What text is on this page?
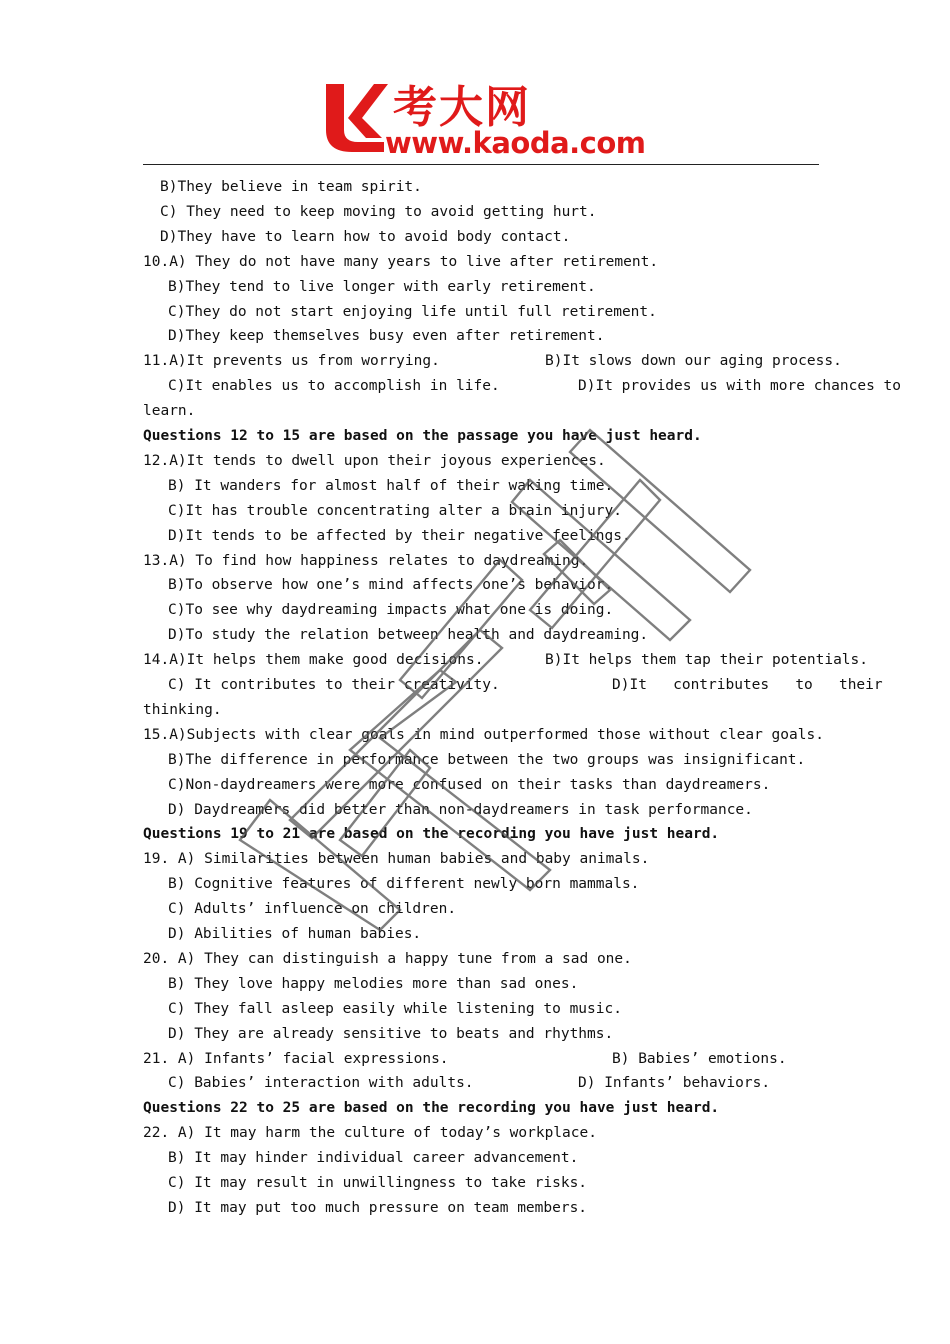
考大网
www.kaoda.com
B)They believe in team spirit.
C) They need to keep moving to avoid getting hurt.
D)They have to learn how to avoid body contact.
10.A) They do not have many years to live after retirement.
B)They tend to live longer with early retirement.
C)They do not start enjoying life until full retirement.
D)They keep themselves busy even after retirement.
11.A)It prevents us from worrying.	B)It slows down our aging process.
C)It enables us to accomplish in life.	D)It provides us with more chances to
learn.
Questions 12 to 15 are based on the passage you have just heard.
12.A)It tends to dwell upon their joyous experiences.
B) It wanders for almost half of their waking time.
C)It has trouble concentrating alter a brain injury.
D)It tends to be affected by their negative feelings.
13.A) To find how happiness relates to daydreaming.
B)To observe how one’s mind affects one’s behavior.
C)To see why daydreaming impacts what one is doing.
D)To study the relation between health and daydreaming.
14.A)It helps them make good decisions.	B)It helps them tap their potentials.
C) It contributes to their creativity.	D)It   contributes   to   their
thinking.
15.A)Subjects with clear goals in mind outperformed those without clear goals.
B)The difference in performance between the two groups was insignificant.
C)Non-daydreamers were more confused on their tasks than daydreamers.
D) Daydreamers did better than non-daydreamers in task performance.
Questions 19 to 21 are based on the recording you have just heard.
19. A) Similarities between human babies and baby animals.
B) Cognitive features of different newly born mammals.
C) Adults’ influence on children.
D) Abilities of human babies.
20. A) They can distinguish a happy tune from a sad one.
B) They love happy melodies more than sad ones.
C) They fall asleep easily while listening to music.
D) They are already sensitive to beats and rhythms.
21. A) Infants’ facial expressions.	B) Babies’ emotions.
C) Babies’ interaction with adults.	D) Infants’ behaviors.
Questions 22 to 25 are based on the recording you have just heard.
22. A) It may harm the culture of today’s workplace.
B) It may hinder individual career advancement.
C) It may result in unwillingness to take risks.
D) It may put too much pressure on team members.
